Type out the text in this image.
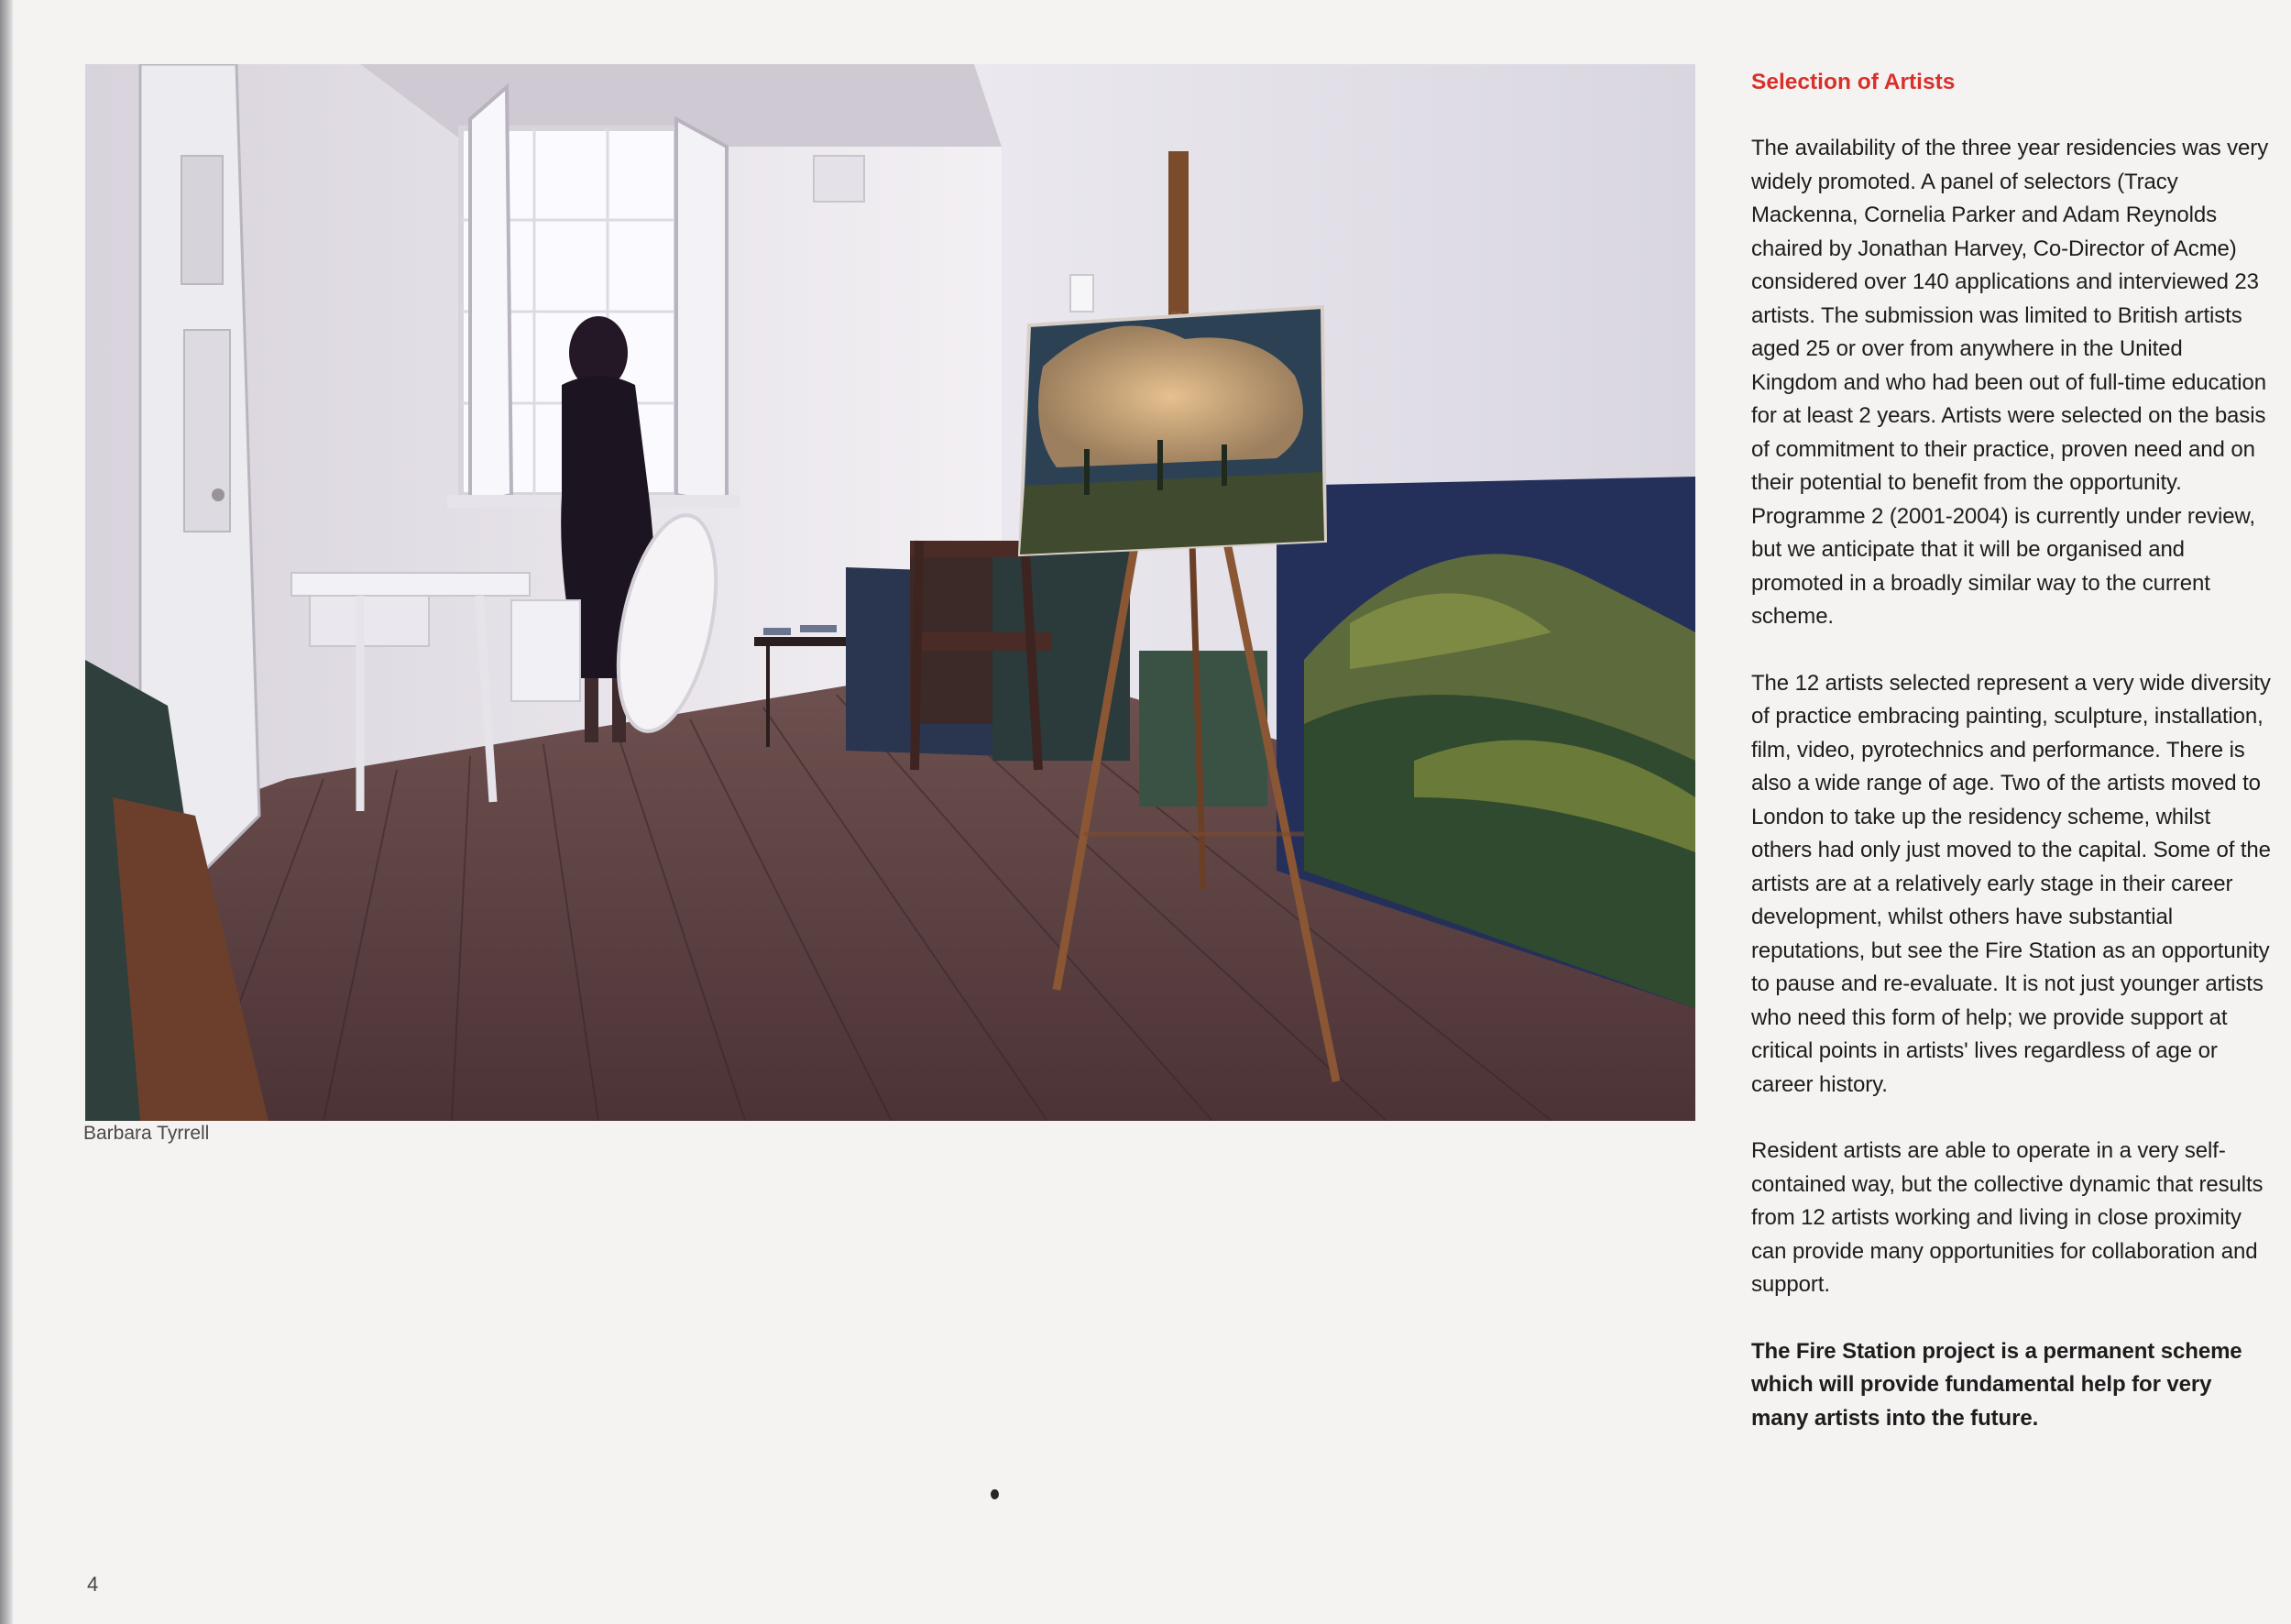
Barbara Tyrrell
Selection of Artists

The availability of the three year residencies was very widely promoted. A panel of selectors (Tracy Mackenna, Cornelia Parker and Adam Reynolds chaired by Jonathan Harvey, Co-Director of Acme) considered over 140 applications and interviewed 23 artists. The submission was limited to British artists aged 25 or over from anywhere in the United Kingdom and who had been out of full-time education for at least 2 years. Artists were selected on the basis of commitment to their practice, proven need and on their potential to benefit from the opportunity. Programme 2 (2001-2004) is currently under review, but we anticipate that it will be organised and promoted in a broadly similar way to the current scheme.

The 12 artists selected represent a very wide diversity of practice embracing painting, sculpture, installation, film, video, pyrotechnics and performance. There is also a wide range of age. Two of the artists moved to London to take up the residency scheme, whilst others had only just moved to the capital. Some of the artists are at a relatively early stage in their career development, whilst others have substantial reputations, but see the Fire Station as an opportunity to pause and re-evaluate. It is not just younger artists who need this form of help; we provide support at critical points in artists' lives regardless of age or career history.

Resident artists are able to operate in a very self-contained way, but the collective dynamic that results from 12 artists working and living in close proximity can provide many opportunities for collaboration and support.

The Fire Station project is a permanent scheme which will provide fundamental help for very many artists into the future.

4
